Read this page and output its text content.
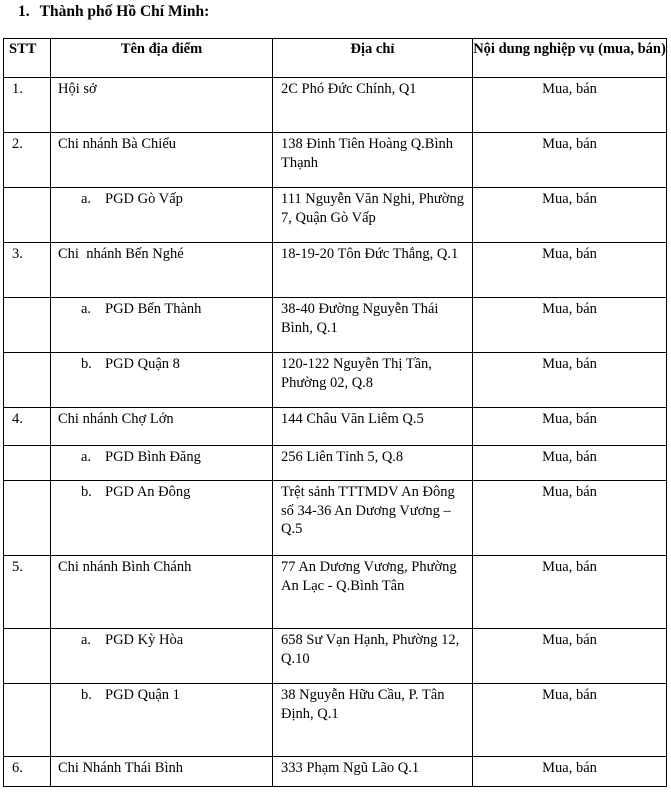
1. Thành phố Hồ Chí Minh:
STT	Tên địa điểm	Địa chỉ	Nội dung nghiệp vụ (mua, bán)
1.	Hội sở	2C Phó Đức Chính, Q1	Mua, bán
2.	Chi nhánh Bà Chiểu	138 Đinh Tiên Hoàng Q.Bình Thạnh	Mua, bán
	a. PGD Gò Vấp	111 Nguyễn Văn Nghi, Phường 7, Quận Gò Vấp	Mua, bán
3.	Chi  nhánh Bến Nghé	18-19-20 Tôn Đức Thắng, Q.1	Mua, bán
	a. PGD Bến Thành	38-40 Đường Nguyễn Thái Bình, Q.1	Mua, bán
	b. PGD Quận 8	120-122 Nguyễn Thị Tần, Phường 02, Q.8	Mua, bán
4.	Chi nhánh Chợ Lớn	144 Châu Văn Liêm Q.5	Mua, bán
	a. PGD Bình Đăng	256 Liên Tỉnh 5, Q.8	Mua, bán
	b. PGD An Đông	Trệt sảnh TTTMDV An Đông số 34-36 An Dương Vương – Q.5	Mua, bán
5.	Chi nhánh Bình Chánh	77 An Dương Vương, Phường An Lạc - Q.Bình Tân	Mua, bán
	a. PGD Kỳ Hòa	658 Sư Vạn Hạnh, Phường 12, Q.10	Mua, bán
	b. PGD Quận 1	38 Nguyễn Hữu Cầu, P. Tân Định, Q.1	Mua, bán
6.	Chi Nhánh Thái Bình	333 Phạm Ngũ Lão Q.1	Mua, bán
